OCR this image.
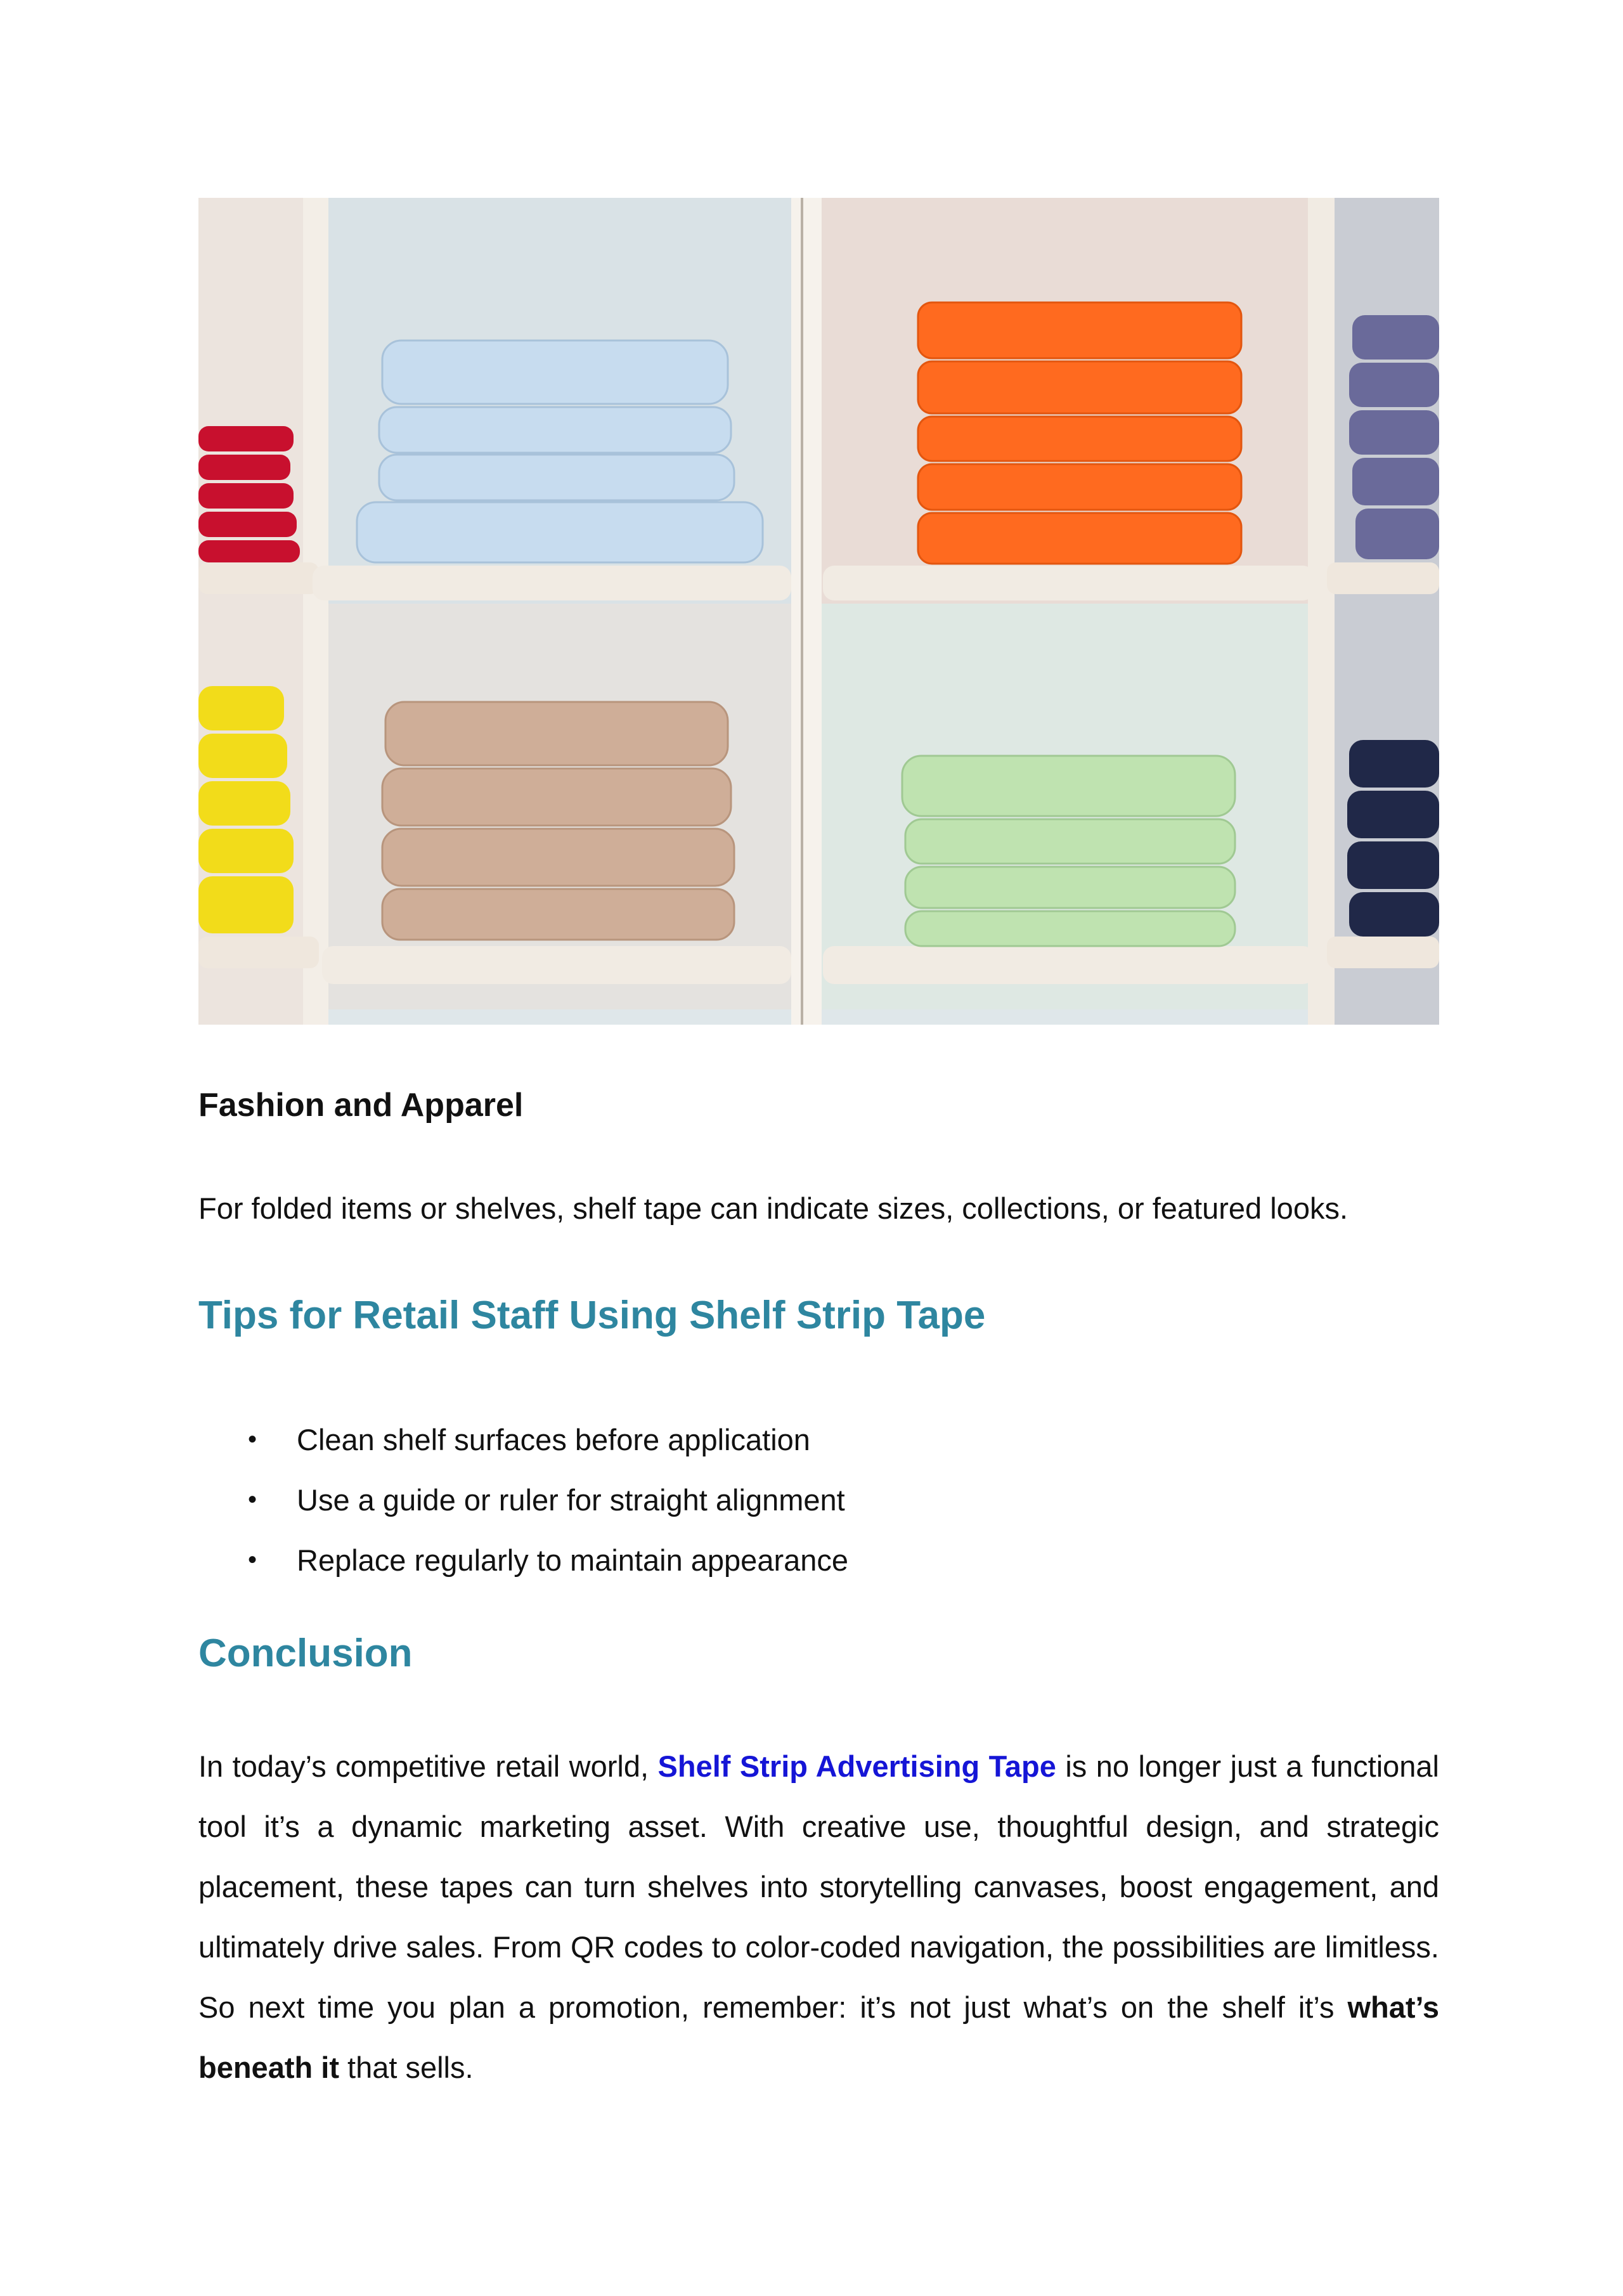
Fashion and Apparel

For folded items or shelves, shelf tape can indicate sizes, collections, or featured looks.

Tips for Retail Staff Using Shelf Strip Tape
• Clean shelf surfaces before application
• Use a guide or ruler for straight alignment
• Replace regularly to maintain appearance
Conclusion

In today’s competitive retail world, Shelf Strip Advertising Tape is no longer just a functional tool it’s a dynamic marketing asset. With creative use, thoughtful design, and strategic placement, these tapes can turn shelves into storytelling canvases, boost engagement, and ultimately drive sales. From QR codes to color-coded navigation, the possibilities are limitless. So next time you plan a promotion, remember: it’s not just what’s on the shelf it’s what’s beneath it that sells.
